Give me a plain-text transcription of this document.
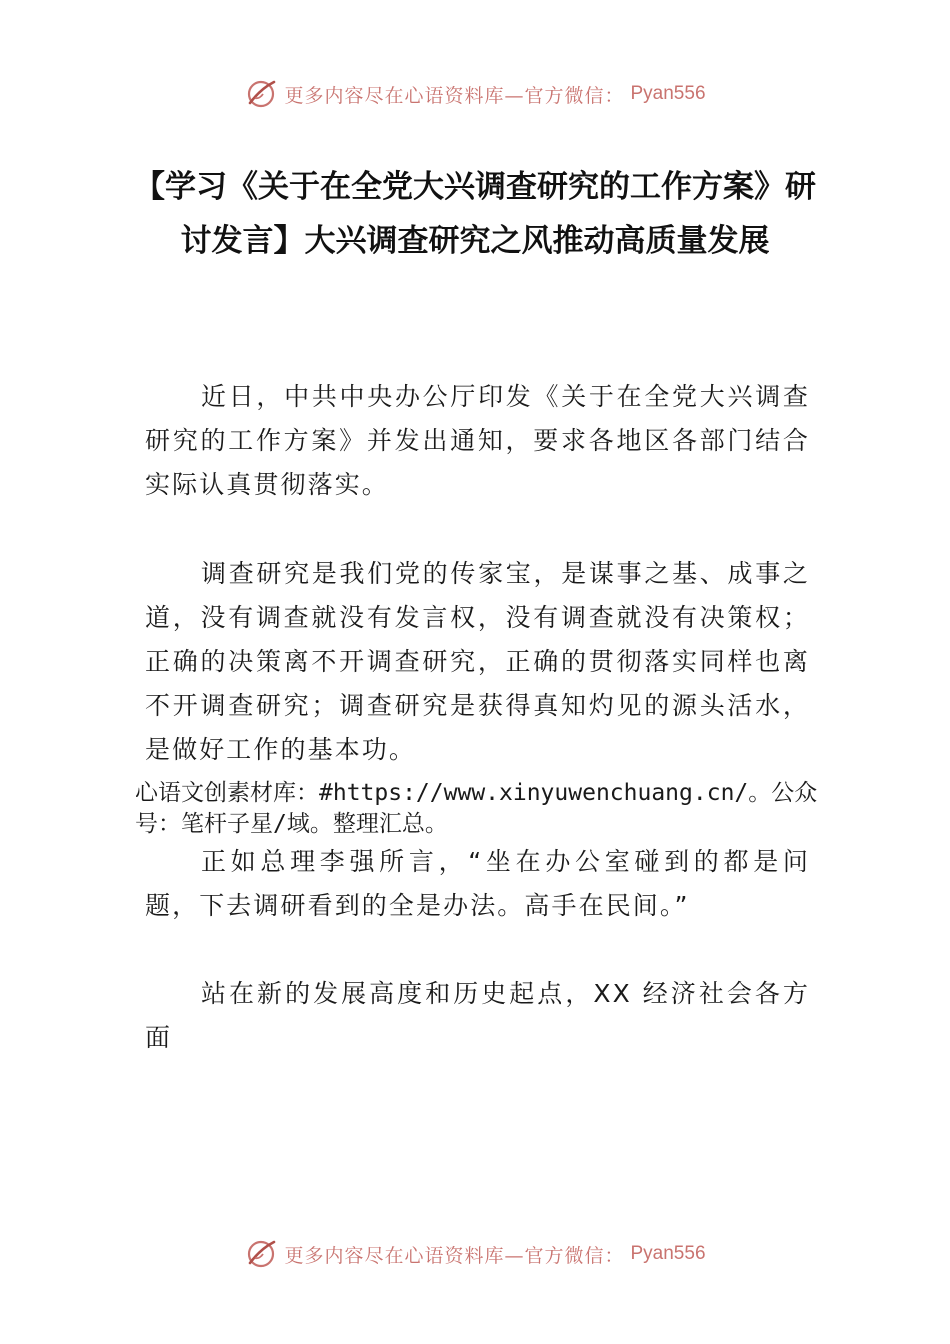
更多内容尽在心语资料库—官方微信： Pyan556
【学习《关于在全党大兴调查研究的工作方案》研讨发言】大兴调查研究之风推动高质量发展

近日，中共中央办公厅印发《关于在全党大兴调查研究的工作方案》并发出通知，要求各地区各部门结合实际认真贯彻落实。

调查研究是我们党的传家宝，是谋事之基、成事之道，没有调查就没有发言权，没有调查就没有决策权；正确的决策离不开调查研究，正确的贯彻落实同样也离不开调查研究；调查研究是获得真知灼见的源头活水，是做好工作的基本功。

心语文创素材库：#https://www.xinyuwenchuang.cn/。公众号：笔杆子星/域。整理汇总。

正如总理李强所言，“坐在办公室碰到的都是问题，下去调研看到的全是办法。高手在民间。”

站在新的发展高度和历史起点，XX 经济社会各方面

更多内容尽在心语资料库—官方微信： Pyan556
